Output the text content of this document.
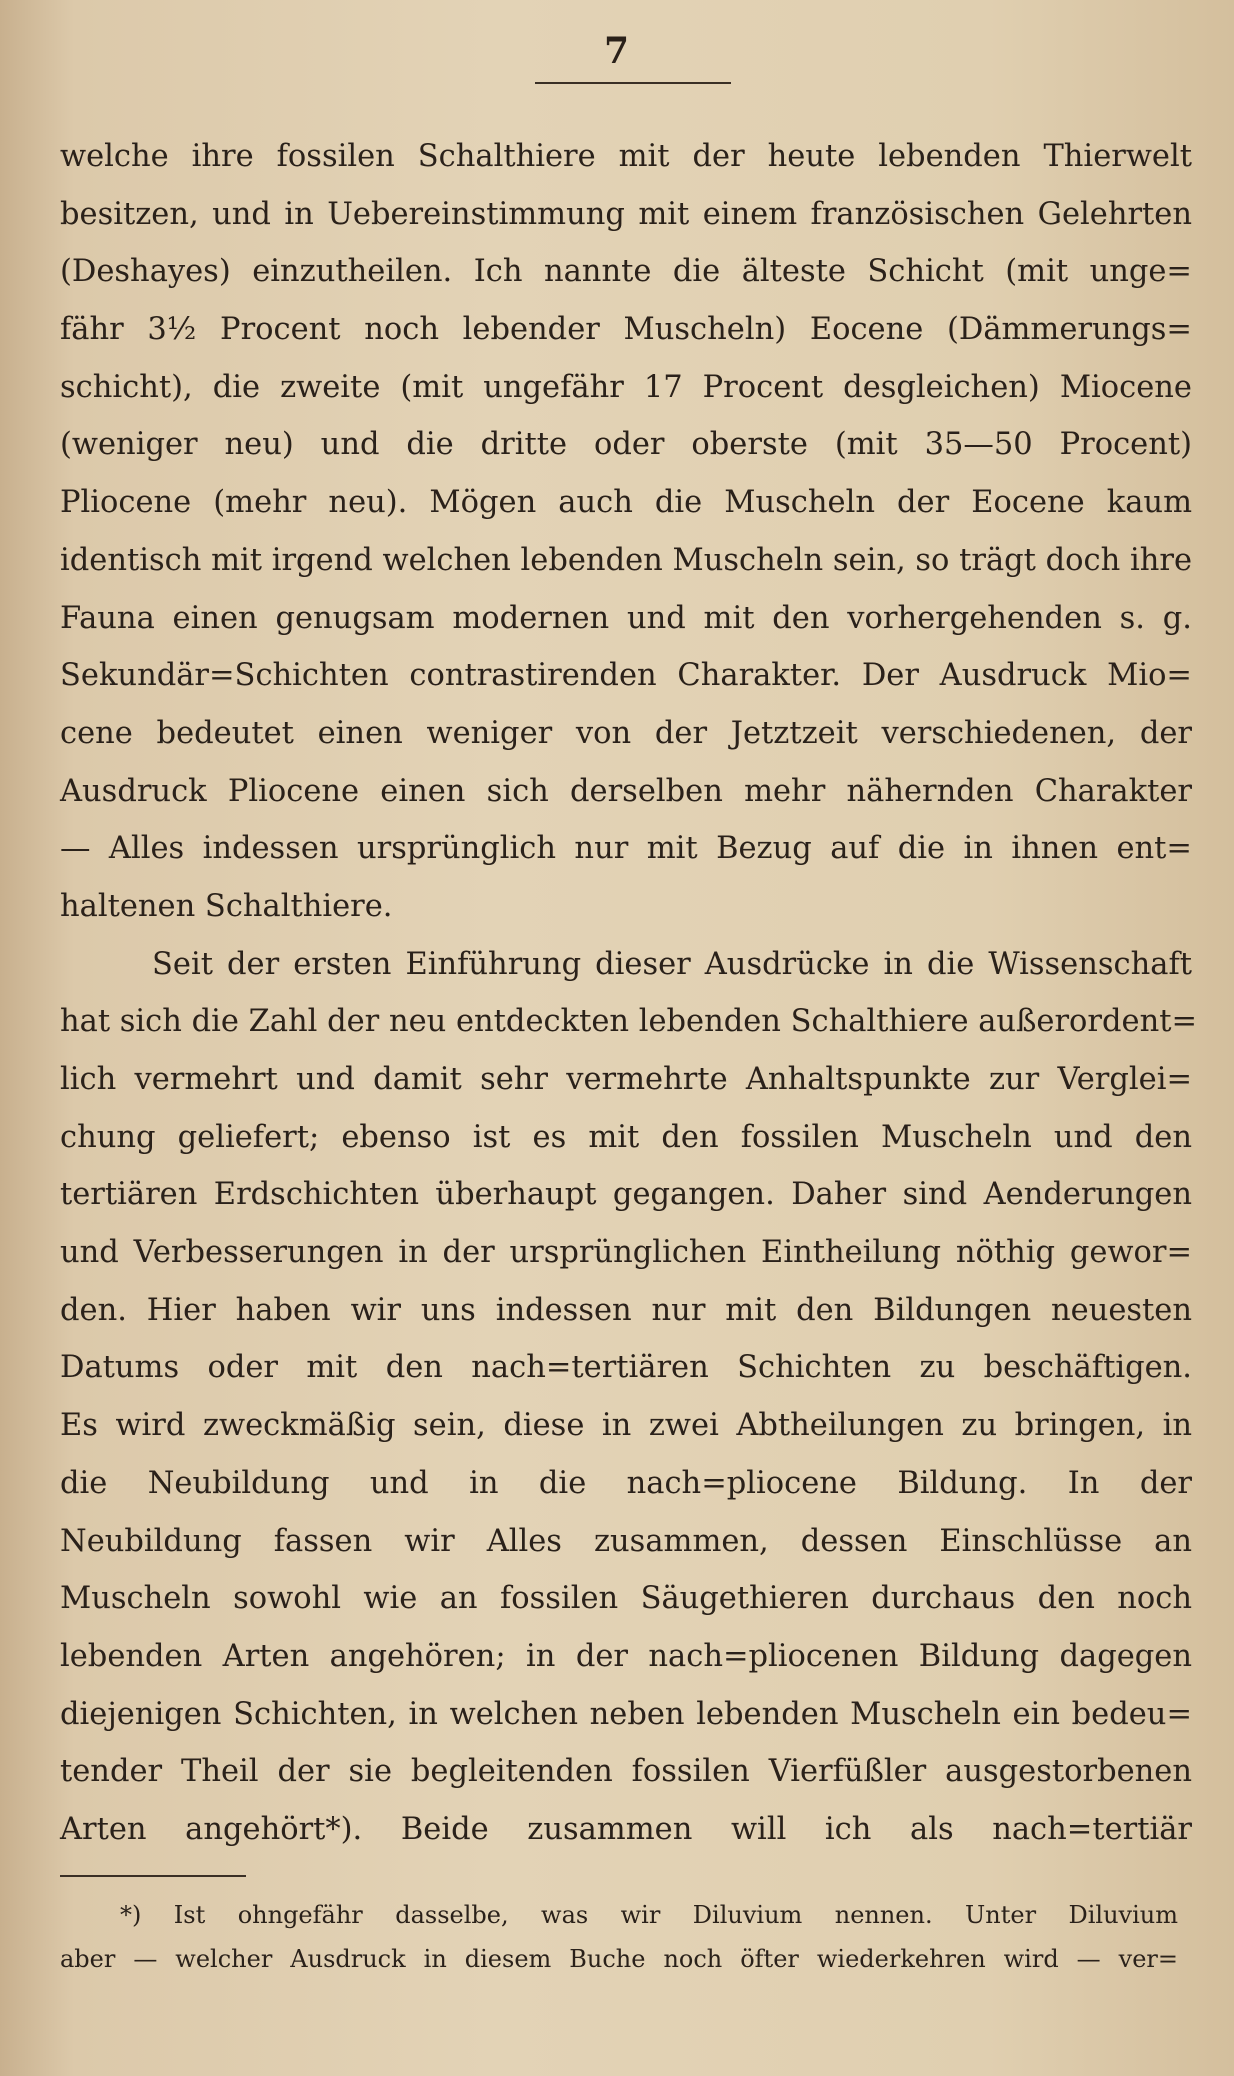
7
welche ihre fossilen Schalthiere mit der heute lebenden Thierwelt
besitzen, und in Uebereinstimmung mit einem französischen Gelehrten
(Deshayes) einzutheilen. Ich nannte die älteste Schicht (mit unge=
fähr 3½ Procent noch lebender Muscheln) Eocene (Dämmerungs=
schicht), die zweite (mit ungefähr 17 Procent desgleichen) Miocene
(weniger neu) und die dritte oder oberste (mit 35—50 Procent)
Pliocene (mehr neu). Mögen auch die Muscheln der Eocene kaum
identisch mit irgend welchen lebenden Muscheln sein, so trägt doch ihre
Fauna einen genugsam modernen und mit den vorhergehenden s. g.
Sekundär=Schichten contrastirenden Charakter. Der Ausdruck Mio=
cene bedeutet einen weniger von der Jetztzeit verschiedenen, der
Ausdruck Pliocene einen sich derselben mehr nähernden Charakter
— Alles indessen ursprünglich nur mit Bezug auf die in ihnen ent=
haltenen Schalthiere.
Seit der ersten Einführung dieser Ausdrücke in die Wissenschaft
hat sich die Zahl der neu entdeckten lebenden Schalthiere außerordent=
lich vermehrt und damit sehr vermehrte Anhaltspunkte zur Verglei=
chung geliefert; ebenso ist es mit den fossilen Muscheln und den
tertiären Erdschichten überhaupt gegangen. Daher sind Aenderungen
und Verbesserungen in der ursprünglichen Eintheilung nöthig gewor=
den. Hier haben wir uns indessen nur mit den Bildungen neuesten
Datums oder mit den nach=tertiären Schichten zu beschäftigen.
Es wird zweckmäßig sein, diese in zwei Abtheilungen zu bringen, in
die Neubildung und in die nach=pliocene Bildung. In der
Neubildung fassen wir Alles zusammen, dessen Einschlüsse an
Muscheln sowohl wie an fossilen Säugethieren durchaus den noch
lebenden Arten angehören; in der nach=pliocenen Bildung dagegen
diejenigen Schichten, in welchen neben lebenden Muscheln ein bedeu=
tender Theil der sie begleitenden fossilen Vierfüßler ausgestorbenen
Arten angehört*). Beide zusammen will ich als nach=tertiär
*) Ist ohngefähr dasselbe, was wir Diluvium nennen. Unter Diluvium
aber — welcher Ausdruck in diesem Buche noch öfter wiederkehren wird — ver=
